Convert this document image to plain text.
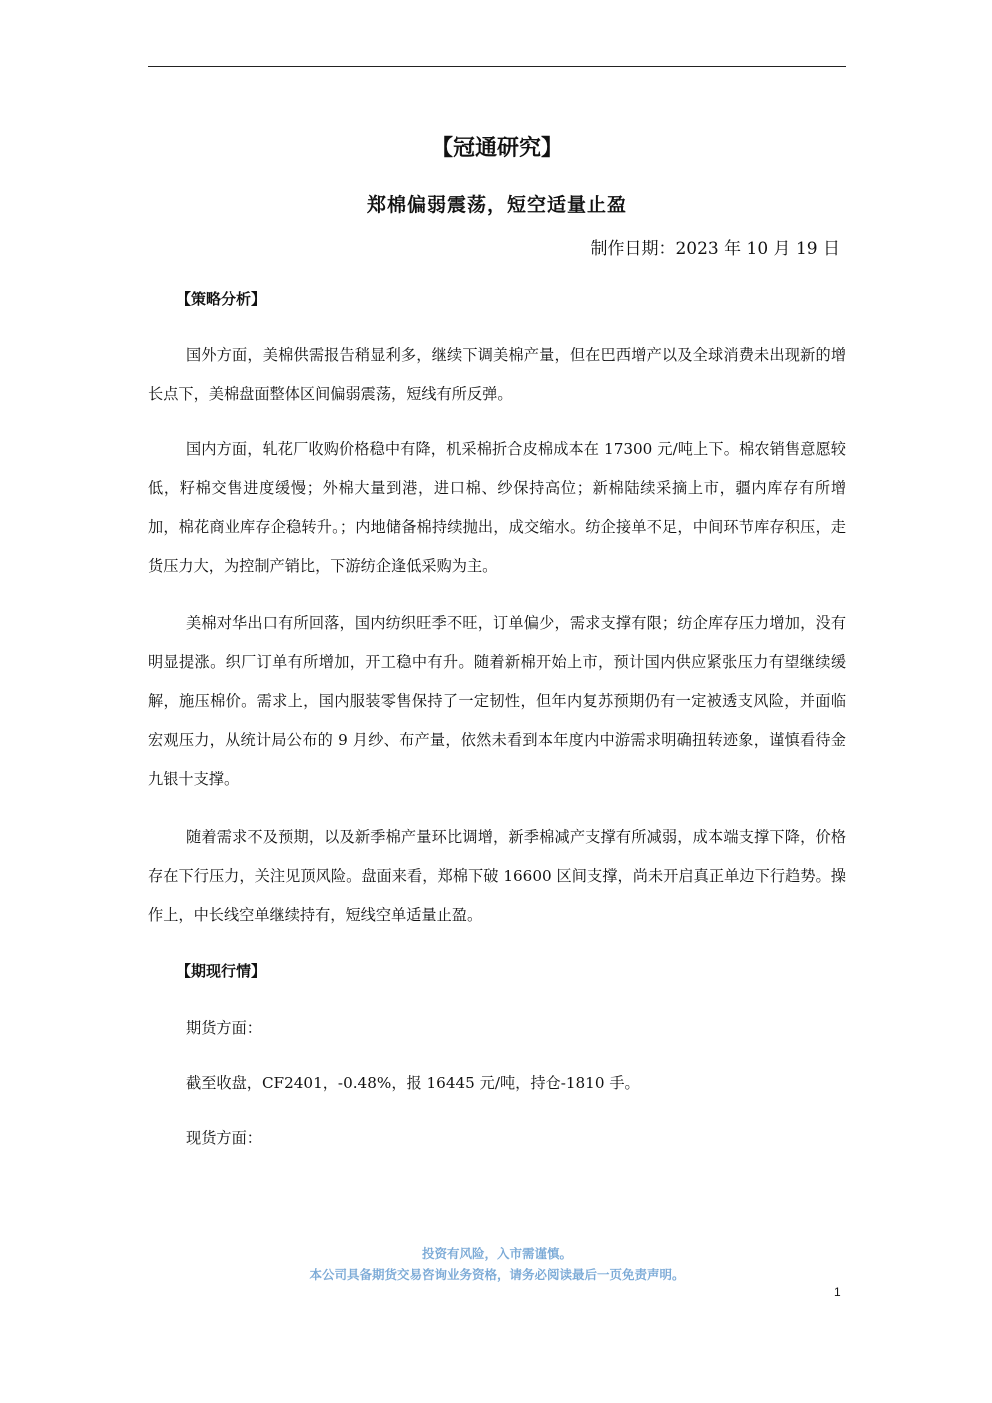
【冠通研究】
郑棉偏弱震荡，短空适量止盈
制作日期：2023 年 10 月 19 日
【策略分析】

国外方面，美棉供需报告稍显利多，继续下调美棉产量，但在巴西增产以及全球消费未出现新的增长点下，美棉盘面整体区间偏弱震荡，短线有所反弹。

国内方面，轧花厂收购价格稳中有降，机采棉折合皮棉成本在 17300 元/吨上下。棉农销售意愿较低，籽棉交售进度缓慢；外棉大量到港，进口棉、纱保持高位；新棉陆续采摘上市，疆内库存有所增加，棉花商业库存企稳转升。；内地储备棉持续抛出，成交缩水。纺企接单不足，中间环节库存积压，走货压力大，为控制产销比，下游纺企逢低采购为主。

美棉对华出口有所回落，国内纺织旺季不旺，订单偏少，需求支撑有限；纺企库存压力增加，没有明显提涨。织厂订单有所增加，开工稳中有升。随着新棉开始上市，预计国内供应紧张压力有望继续缓解，施压棉价。需求上，国内服装零售保持了一定韧性，但年内复苏预期仍有一定被透支风险，并面临宏观压力，从统计局公布的 9 月纱、布产量，依然未看到本年度内中游需求明确扭转迹象，谨慎看待金九银十支撑。

随着需求不及预期，以及新季棉产量环比调增，新季棉减产支撑有所减弱，成本端支撑下降，价格存在下行压力，关注见顶风险。盘面来看，郑棉下破 16600 区间支撑，尚未开启真正单边下行趋势。操作上，中长线空单继续持有，短线空单适量止盈。

【期现行情】
期货方面：
截至收盘，CF2401，-0.48%，报 16445 元/吨，持仓-1810 手。
现货方面：
投资有风险，入市需谨慎。
本公司具备期货交易咨询业务资格，请务必阅读最后一页免责声明。
1
